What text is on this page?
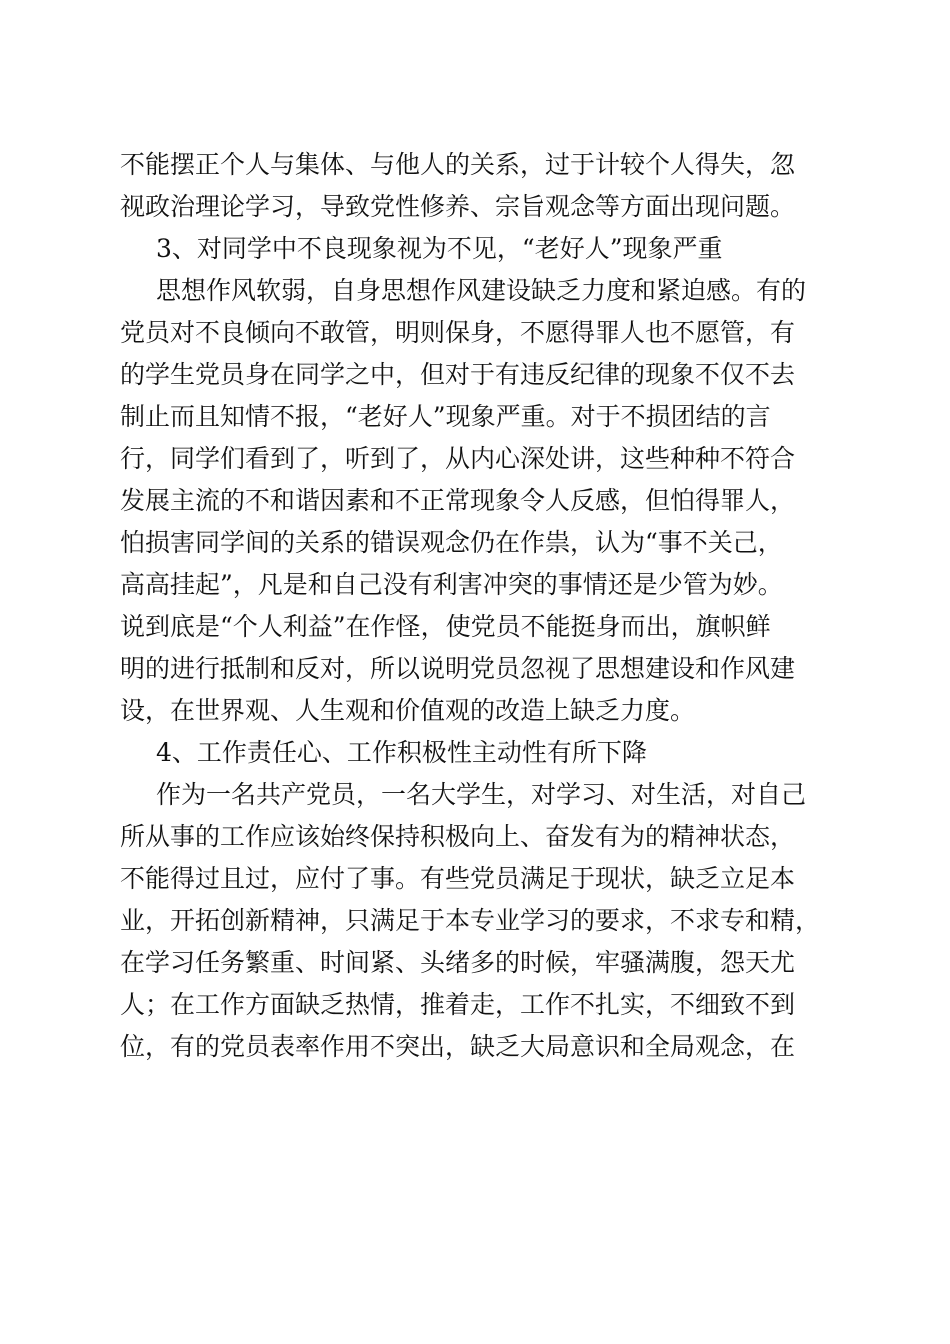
不能摆正个人与集体、与他人的关系，过于计较个人得失，忽
视政治理论学习，导致党性修养、宗旨观念等方面出现问题。
3、对同学中不良现象视为不见，“老好人”现象严重
思想作风软弱，自身思想作风建设缺乏力度和紧迫感。有的
党员对不良倾向不敢管，明则保身，不愿得罪人也不愿管，有
的学生党员身在同学之中，但对于有违反纪律的现象不仅不去
制止而且知情不报，“老好人”现象严重。对于不损团结的言
行，同学们看到了，听到了，从内心深处讲，这些种种不符合
发展主流的不和谐因素和不正常现象令人反感，但怕得罪人，
怕损害同学间的关系的错误观念仍在作祟，认为“事不关己，
高高挂起”，凡是和自己没有利害冲突的事情还是少管为妙。
说到底是“个人利益”在作怪，使党员不能挺身而出，旗帜鲜
明的进行抵制和反对，所以说明党员忽视了思想建设和作风建
设，在世界观、人生观和价值观的改造上缺乏力度。
4、工作责任心、工作积极性主动性有所下降
作为一名共产党员，一名大学生，对学习、对生活，对自己
所从事的工作应该始终保持积极向上、奋发有为的精神状态，
不能得过且过，应付了事。有些党员满足于现状，缺乏立足本
业，开拓创新精神，只满足于本专业学习的要求，不求专和精，
在学习任务繁重、时间紧、头绪多的时候，牢骚满腹，怨天尤
人；在工作方面缺乏热情，推着走，工作不扎实，不细致不到
位，有的党员表率作用不突出，缺乏大局意识和全局观念，在
